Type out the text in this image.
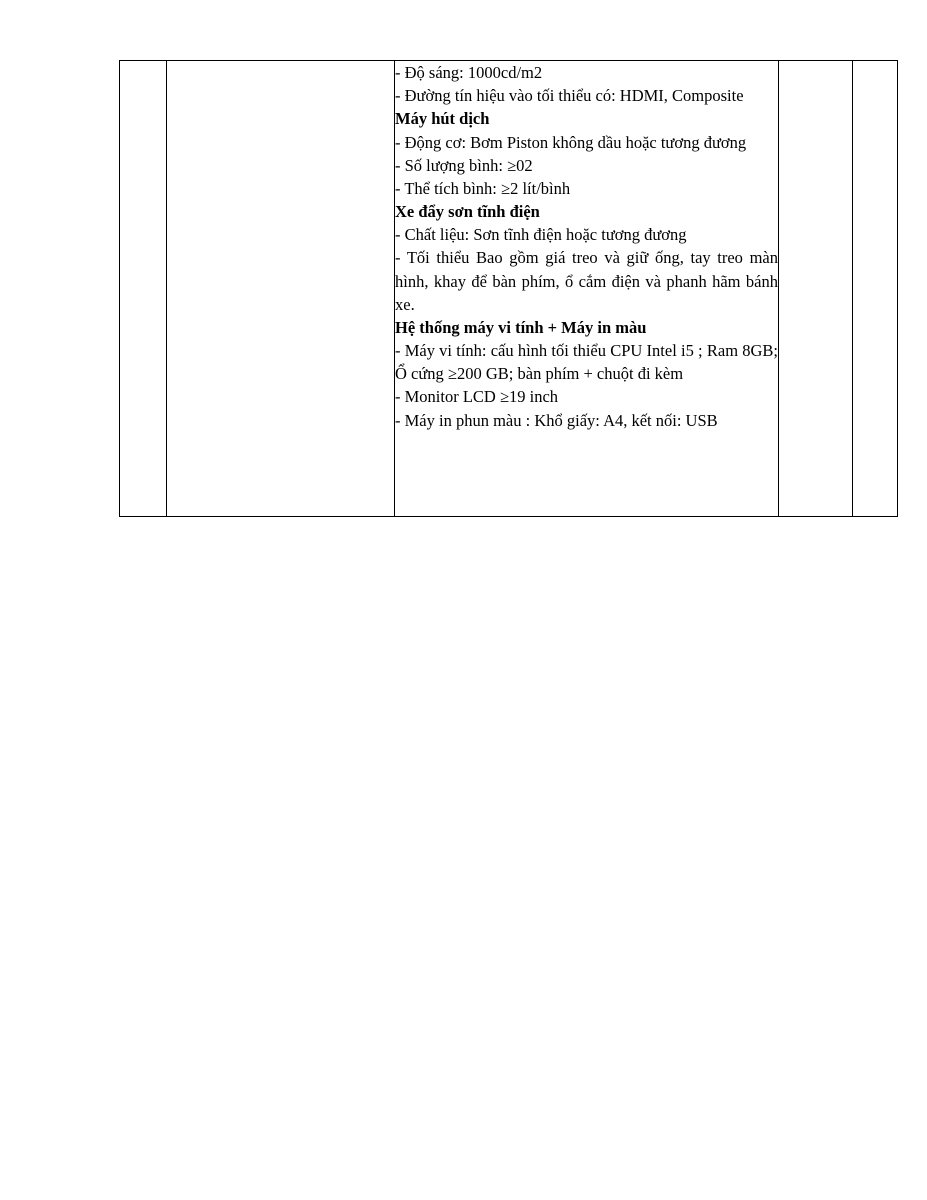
- Độ sáng: 1000cd/m2
- Đường tín hiệu vào tối thiểu có: HDMI, Composite
Máy hút dịch
- Động cơ: Bơm Piston không dầu hoặc tương đương
- Số lượng bình: ≥02
- Thể tích bình: ≥2 lít/bình
Xe đẩy sơn tĩnh điện
- Chất liệu: Sơn tĩnh điện hoặc tương đương
- Tối thiểu Bao gồm giá treo và giữ ống, tay treo màn hình, khay để bàn phím, ổ cắm điện và phanh hãm bánh xe.
Hệ thống máy vi tính + Máy in màu
- Máy vi tính: cấu hình tối thiểu CPU Intel i5 ; Ram 8GB; Ổ cứng ≥200 GB; bàn phím + chuột đi kèm
- Monitor LCD ≥19 inch
- Máy in phun màu : Khổ giấy: A4, kết nối: USB
